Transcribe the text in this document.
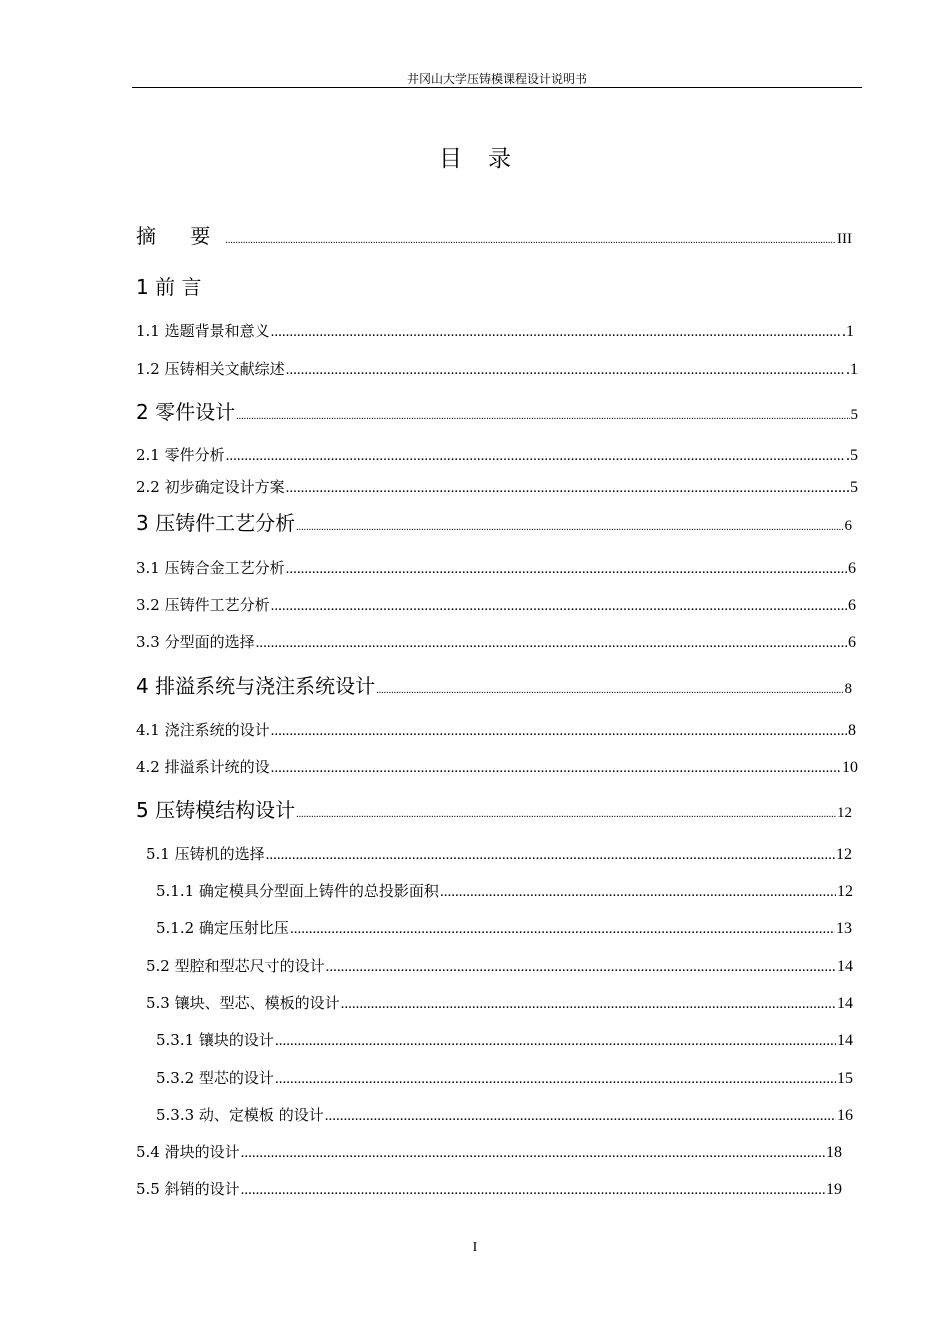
井冈山大学压铸模课程设计说明书
目 录
摘 要 .....	III
1 前 言
1.1 选题背景和意义 .....	.1
1.2 压铸相关文献综述 .....	.1
2 零件设计 .....	5
2.1 零件分析 .....	.5
2.2 初步确定设计方案 .....	......5
3 压铸件工艺分析 .....	6
3.1 压铸合金工艺分析 .....	6
3.2 压铸件工艺分析 .....	6
3.3 分型面的选择 .....	6
4 排溢系统与浇注系统设计 .....	8
4.1 浇注系统的设计 .....	8
4.2 排溢系计统的设 .....	10
5 压铸模结构设计 .....	12
5.1 压铸机的选择 .....	12
5.1.1 确定模具分型面上铸件的总投影面积 .....	12
5.1.2 确定压射比压 .....	13
5.2 型腔和型芯尺寸的设计 .....	14
5.3 镶块、型芯、模板的设计 .....	14
5.3.1 镶块的设计 .....	14
5.3.2 型芯的设计 .....	15
5.3.3 动、定模板 的设计 .....	16
5.4 滑块的设计 .....	18
5.5 斜销的设计 .....	19
I
